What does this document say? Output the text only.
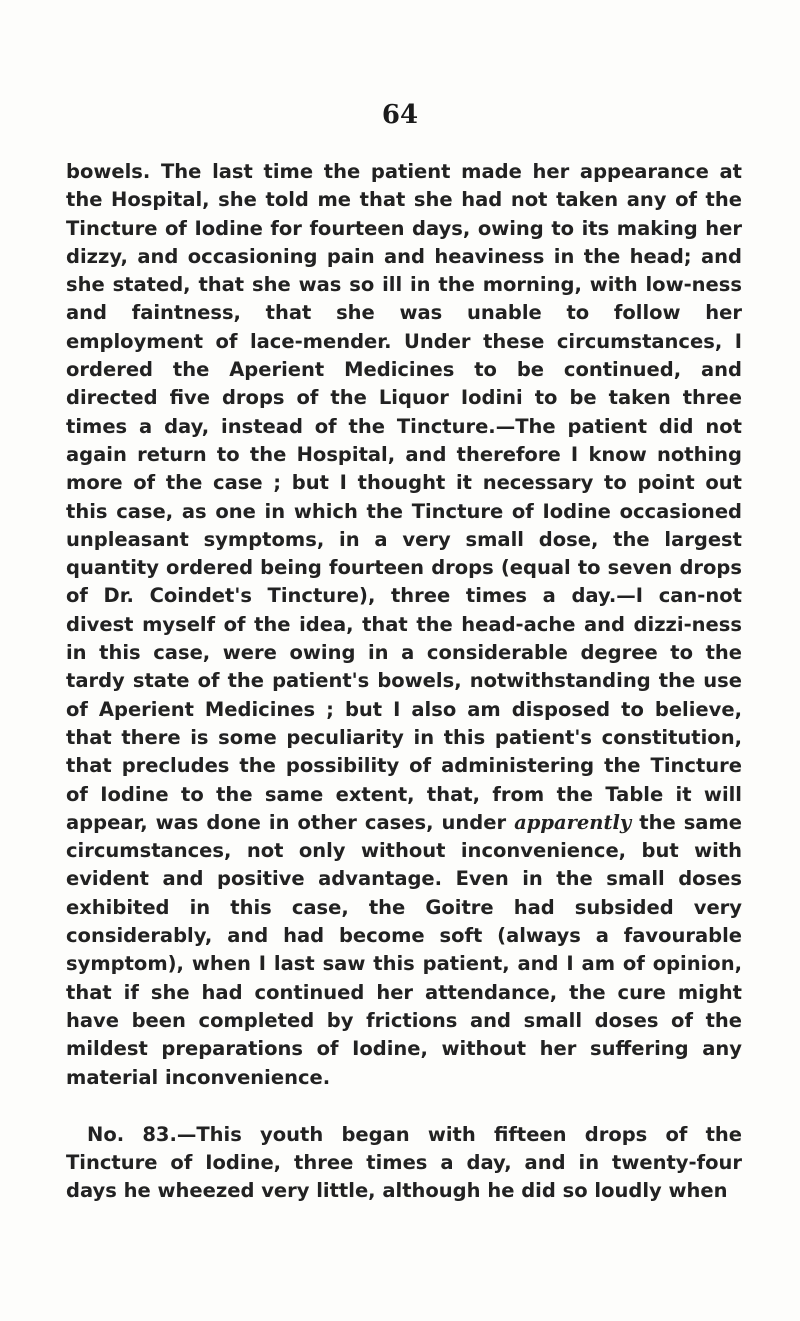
64

bowels. The last time the patient made her appearance at the Hospital, she told me that she had not taken any of the Tincture of Iodine for fourteen days, owing to its making her dizzy, and occasioning pain and heaviness in the head; and she stated, that she was so ill in the morning, with low-ness and faintness, that she was unable to follow her employment of lace-mender. Under these circumstances, I ordered the Aperient Medicines to be continued, and directed five drops of the Liquor Iodini to be taken three times a day, instead of the Tincture.—The patient did not again return to the Hospital, and therefore I know nothing more of the case ; but I thought it necessary to point out this case, as one in which the Tincture of Iodine occasioned unpleasant symptoms, in a very small dose, the largest quantity ordered being fourteen drops (equal to seven drops of Dr. Coindet's Tincture), three times a day.—I can-not divest myself of the idea, that the head-ache and dizzi-ness in this case, were owing in a considerable degree to the tardy state of the patient's bowels, notwithstanding the use of Aperient Medicines ; but I also am disposed to believe, that there is some peculiarity in this patient's constitution, that precludes the possibility of administering the Tincture of Iodine to the same extent, that, from the Table it will appear, was done in other cases, under apparently the same circumstances, not only without inconvenience, but with evident and positive advantage. Even in the small doses exhibited in this case, the Goitre had subsided very considerably, and had become soft (always a favourable symptom), when I last saw this patient, and I am of opinion, that if she had continued her attendance, the cure might have been completed by frictions and small doses of the mildest preparations of Iodine, without her suffering any material inconvenience.

No. 83.—This youth began with fifteen drops of the Tincture of Iodine, three times a day, and in twenty-four days he wheezed very little, although he did so loudly when
